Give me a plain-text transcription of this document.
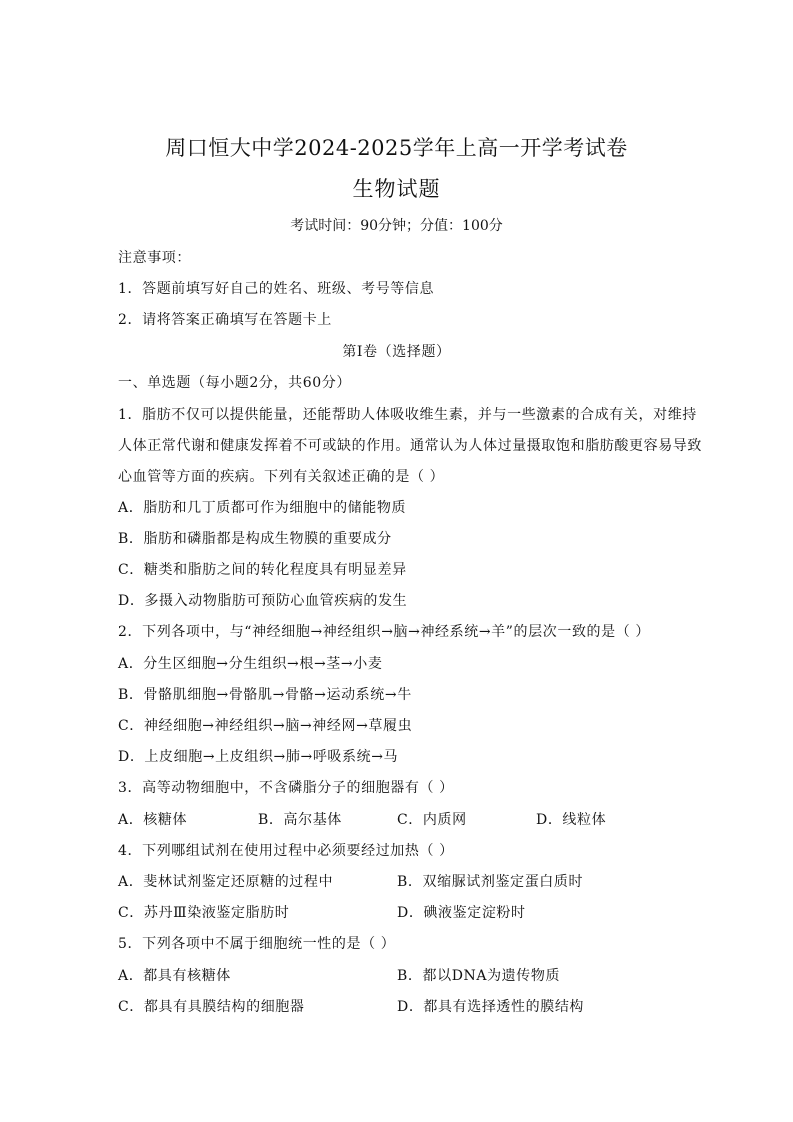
周口恒大中学2024-2025学年上高一开学考试卷
生物试题
考试时间：90分钟；分值：100分
注意事项：
1．答题前填写好自己的姓名、班级、考号等信息
2．请将答案正确填写在答题卡上
第I卷（选择题）
一、单选题（每小题2分，共60分）
1．脂肪不仅可以提供能量，还能帮助人体吸收维生素，并与一些激素的合成有关，对维持
人体正常代谢和健康发挥着不可或缺的作用。通常认为人体过量摄取饱和脂肪酸更容易导致
心血管等方面的疾病。下列有关叙述正确的是（ ）
A．脂肪和几丁质都可作为细胞中的储能物质
B．脂肪和磷脂都是构成生物膜的重要成分
C．糖类和脂肪之间的转化程度具有明显差异
D．多摄入动物脂肪可预防心血管疾病的发生
2．下列各项中，与“神经细胞→神经组织→脑→神经系统→羊”的层次一致的是（ ）
A．分生区细胞→分生组织→根→茎→小麦
B．骨骼肌细胞→骨骼肌→骨骼→运动系统→牛
C．神经细胞→神经组织→脑→神经网→草履虫
D．上皮细胞→上皮组织→肺→呼吸系统→马
3．高等动物细胞中，不含磷脂分子的细胞器有（ ）
A．核糖体	B．高尔基体	C．内质网	D．线粒体
4．下列哪组试剂在使用过程中必须要经过加热（ ）
A．斐林试剂鉴定还原糖的过程中	B．双缩脲试剂鉴定蛋白质时
C．苏丹Ⅲ染液鉴定脂肪时	D．碘液鉴定淀粉时
5．下列各项中不属于细胞统一性的是（ ）
A．都具有核糖体	B．都以DNA为遗传物质
C．都具有具膜结构的细胞器	D．都具有选择透性的膜结构
